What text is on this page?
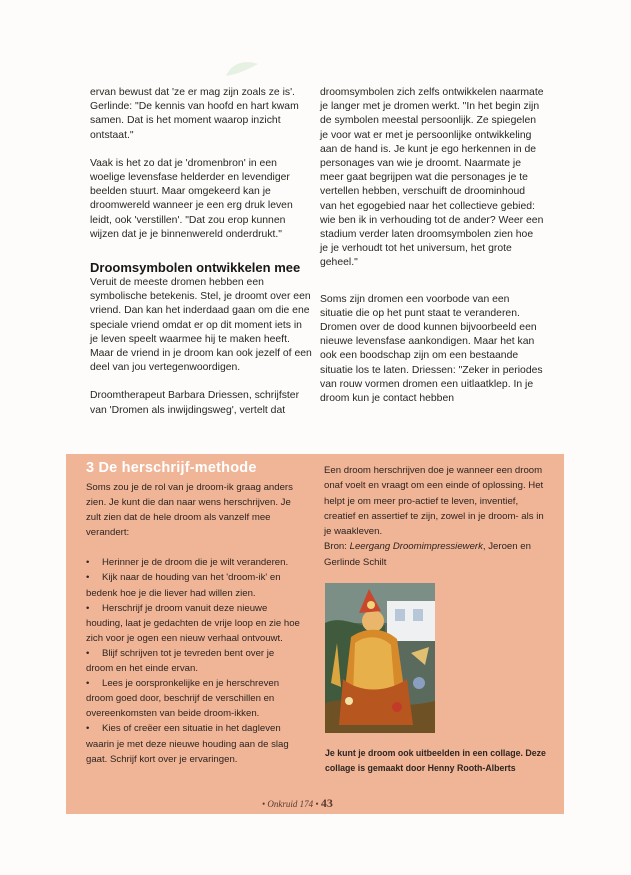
ervan bewust dat 'ze er mag zijn zoals ze is'. Gerlinde: "De kennis van hoofd en hart kwam samen. Dat is het moment waarop inzicht ontstaat."

Vaak is het zo dat je 'dromenbron' in een woelige levensfase helderder en levendiger beelden stuurt. Maar omgekeerd kan je droomwereld wanneer je een erg druk leven leidt, ook 'verstillen'. "Dat zou erop kunnen wijzen dat je je binnenwereld onderdrukt."

Droomsymbolen ontwikkelen mee

Veruit de meeste dromen hebben een symbolische betekenis. Stel, je droomt over een vriend. Dan kan het inderdaad gaan om die ene speciale vriend omdat er op dit moment iets in je leven speelt waarmee hij te maken heeft. Maar de vriend in je droom kan ook jezelf of een deel van jou vertegenwoordigen.

Droomtherapeut Barbara Driessen, schrijfster van 'Dromen als inwijdingsweg', vertelt dat

droomsymbolen zich zelfs ontwikkelen naarmate je langer met je dromen werkt. "In het begin zijn de symbolen meestal persoonlijk. Ze spiegelen je voor wat er met je persoonlijke ontwikkeling aan de hand is. Je kunt je ego herkennen in de personages van wie je droomt. Naarmate je meer gaat begrijpen wat die personages je te vertellen hebben, verschuift de droominhoud van het egogebied naar het collectieve gebied: wie ben ik in verhouding tot de ander? Weer een stadium verder laten droomsymbolen zien hoe je je verhoudt tot het universum, het grote geheel."

Soms zijn dromen een voorbode van een situatie die op het punt staat te veranderen. Dromen over de dood kunnen bijvoorbeeld een nieuwe levensfase aankondigen. Maar het kan ook een boodschap zijn om een bestaande situatie los te laten. Driessen: "Zeker in periodes van rouw vormen dromen een uitlaatklep. In je droom kun je contact hebben

3 De herschrijf-methode

Soms zou je de rol van je droom-ik graag anders zien. Je kunt die dan naar wens herschrijven. Je zult zien dat de hele droom als vanzelf mee verandert:

• Herinner je de droom die je wilt veranderen.
• Kijk naar de houding van het 'droom-ik' en bedenk hoe je die liever had willen zien.
• Herschrijf je droom vanuit deze nieuwe houding, laat je gedachten de vrije loop en zie hoe zich voor je ogen een nieuw verhaal ontvouwt.
• Blijf schrijven tot je tevreden bent over je droom en het einde ervan.
• Lees je oorspronkelijke en je herschreven droom goed door, beschrijf de verschillen en overeenkomsten van beide droom-ikken.
• Kies of creëer een situatie in het dagleven waarin je met deze nieuwe houding aan de slag gaat. Schrijf kort over je ervaringen.

Een droom herschrijven doe je wanneer een droom onaf voelt en vraagt om een einde of oplossing. Het helpt je om meer pro-actief te leven, inventief, creatief en assertief te zijn, zowel in je droom- als in je waakleven.

Bron: Leergang Droomimpressiewerk, Jeroen en Gerlinde Schilt

Je kunt je droom ook uitbeelden in een collage. Deze collage is gemaakt door Henny Rooth-Alberts

• Onkruid 174 • 43
